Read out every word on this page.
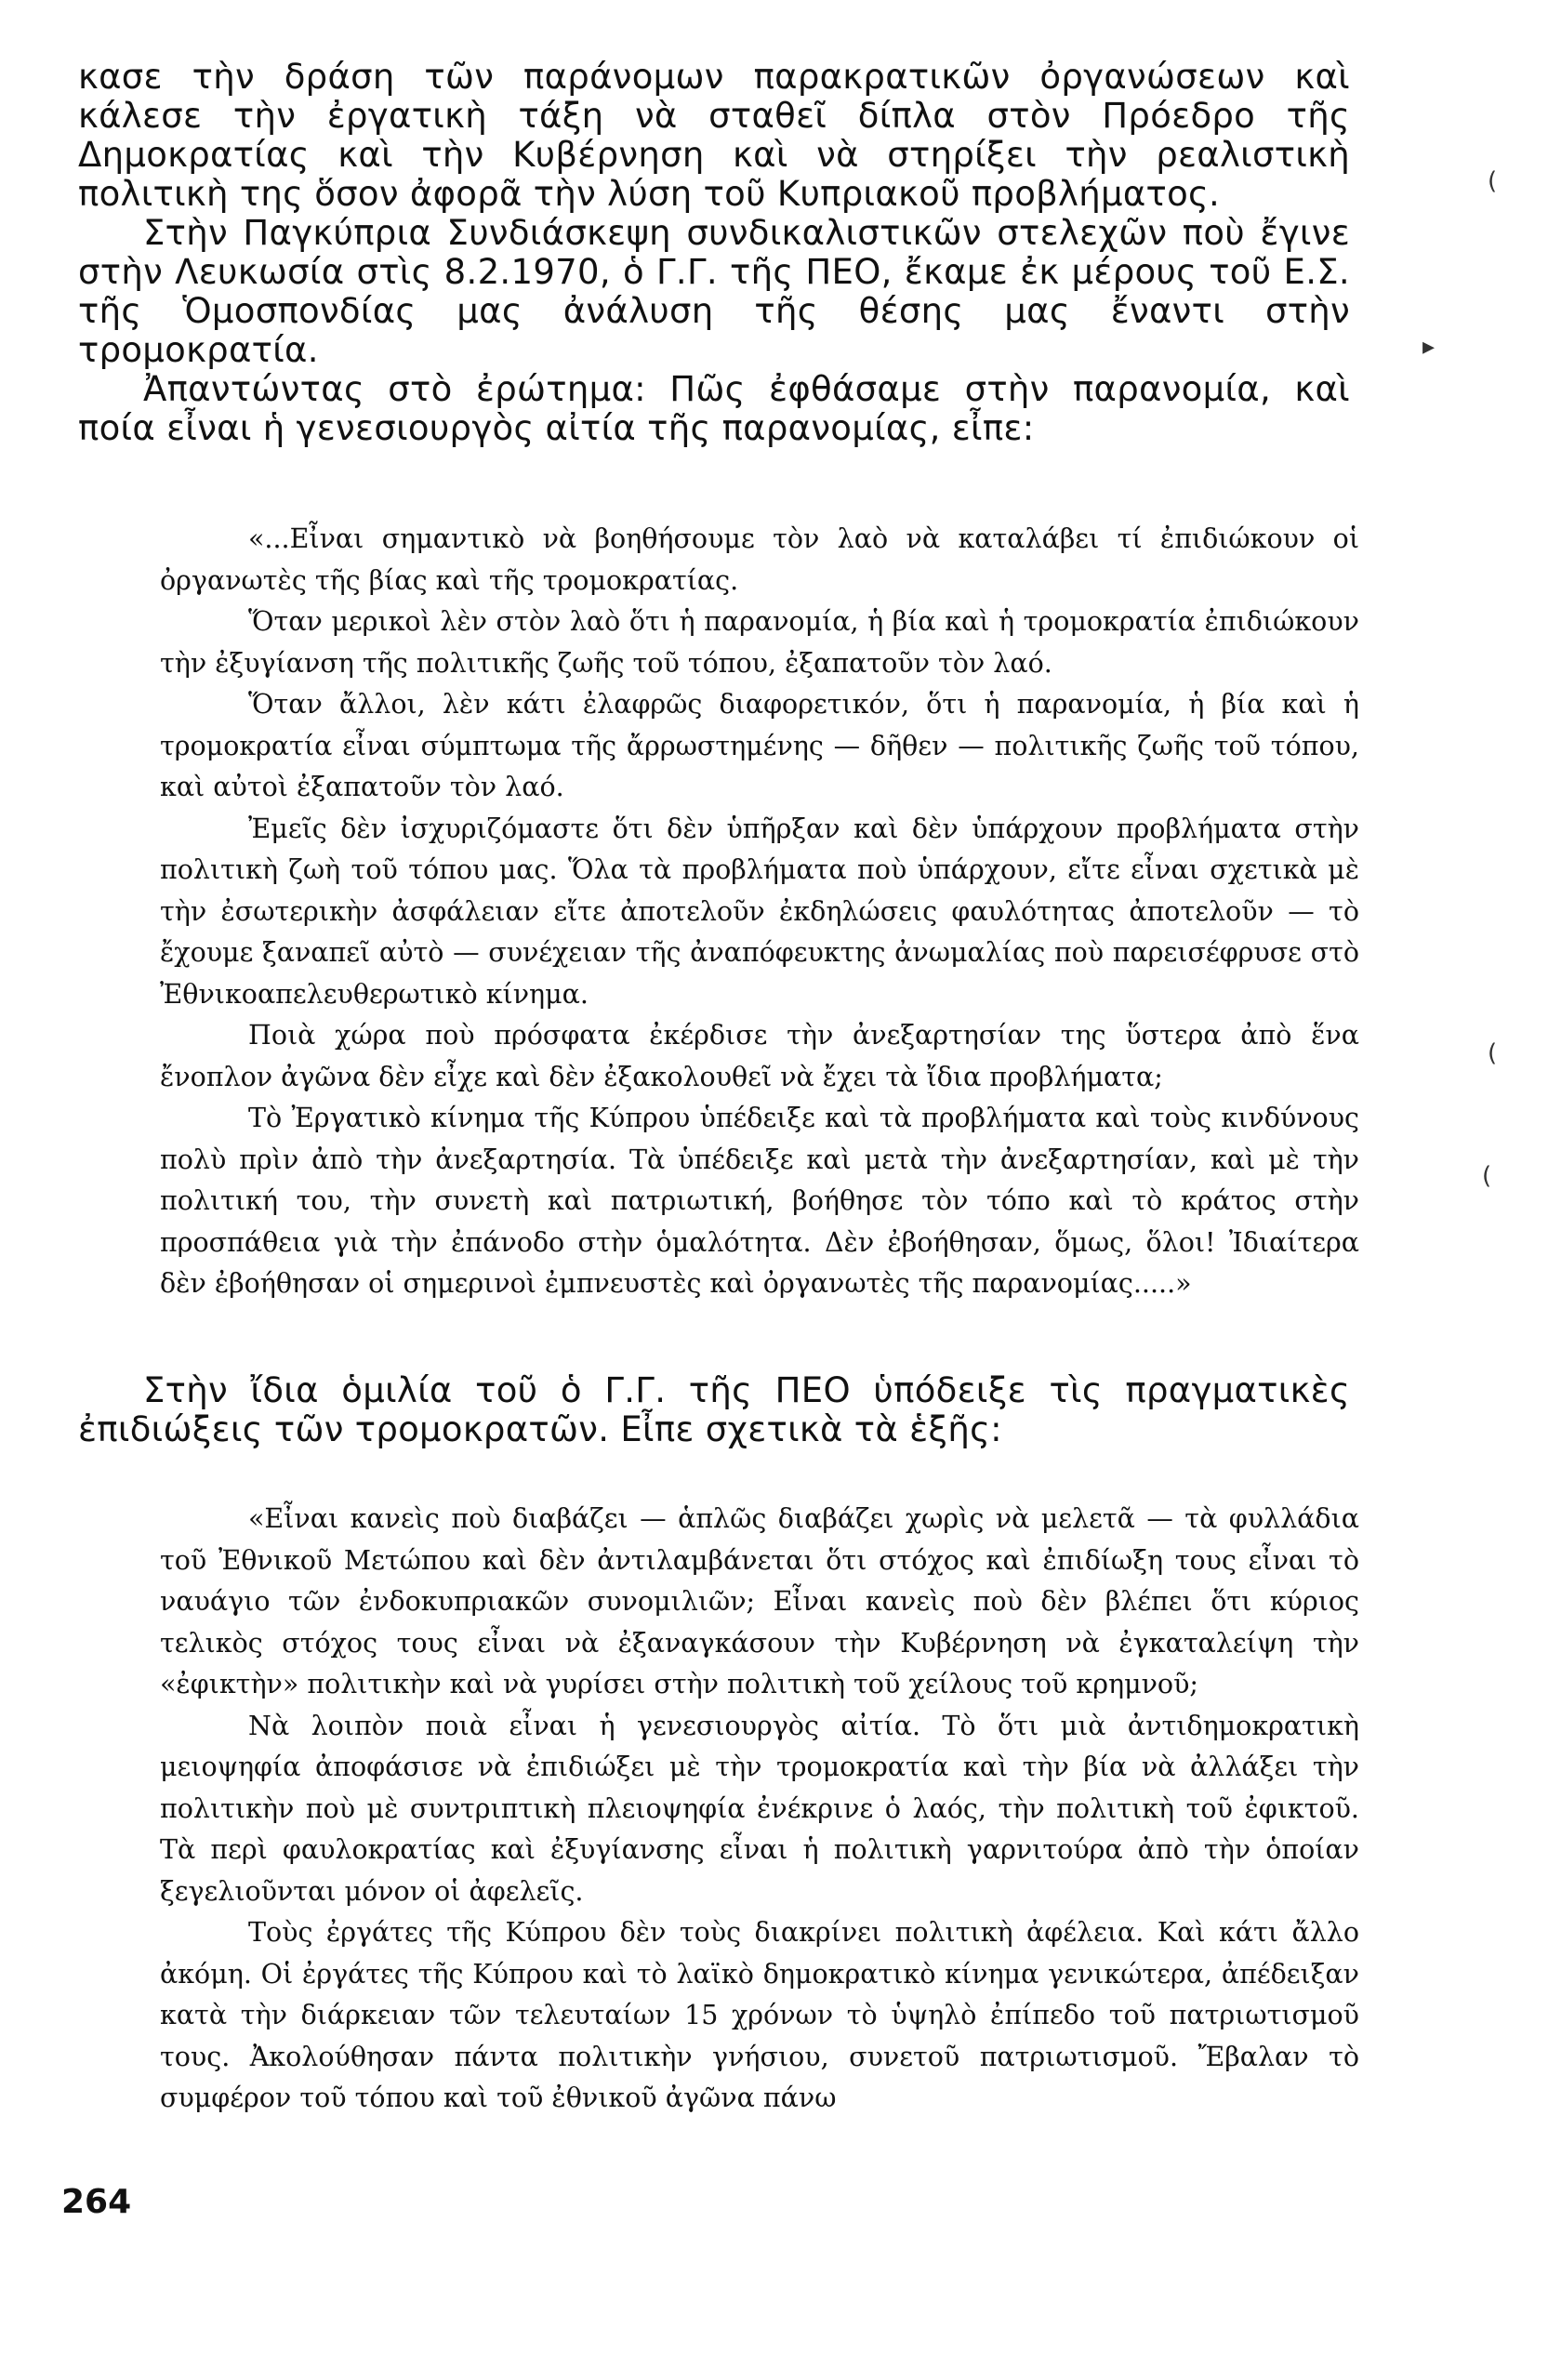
κασε τὴν δράση τῶν παράνομων παρακρατικῶν ὀργανώσεων καὶ κάλεσε τὴν ἐργατικὴ τάξη νὰ σταθεῖ δίπλα στὸν Πρόεδρο τῆς Δημοκρατίας καὶ τὴν Κυβέρνηση καὶ νὰ στηρίξει τὴν ρεαλιστικὴ πολιτικὴ της ὅσον ἀφορᾶ τὴν λύση τοῦ Κυπριακοῦ προβλήματος.

Στὴν Παγκύπρια Συνδιάσκεψη συνδικαλιστικῶν στελεχῶν ποὺ ἔγινε στὴν Λευκωσία στὶς 8.2.1970, ὁ Γ.Γ. τῆς ΠΕΟ, ἔκαμε ἐκ μέρους τοῦ Ε.Σ. τῆς Ὁμοσπονδίας μας ἀνάλυση τῆς θέσης μας ἔναντι στὴν τρομοκρατία.

Ἀπαντώντας στὸ ἐρώτημα: Πῶς ἐφθάσαμε στὴν παρανομία, καὶ ποία εἶναι ἡ γενεσιουργὸς αἰτία τῆς παρανομίας, εἶπε:

«...Εἶναι σημαντικὸ νὰ βοηθήσουμε τὸν λαὸ νὰ καταλάβει τί ἐπιδιώκουν οἱ ὀργανωτὲς τῆς βίας καὶ τῆς τρομοκρατίας.

Ὅταν μερικοὶ λὲν στὸν λαὸ ὅτι ἡ παρανομία, ἡ βία καὶ ἡ τρομοκρατία ἐπιδιώκουν τὴν ἐξυγίανση τῆς πολιτικῆς ζωῆς τοῦ τόπου, ἐξαπατοῦν τὸν λαό.

Ὅταν ἄλλοι, λὲν κάτι ἐλαφρῶς διαφορετικόν, ὅτι ἡ παρανομία, ἡ βία καὶ ἡ τρομοκρατία εἶναι σύμπτωμα τῆς ἄρρωστημένης — δῆθεν — πολιτικῆς ζωῆς τοῦ τόπου, καὶ αὐτοὶ ἐξαπατοῦν τὸν λαό.

Ἐμεῖς δὲν ἰσχυριζόμαστε ὅτι δὲν ὑπῆρξαν καὶ δὲν ὑπάρχουν προβλήματα στὴν πολιτικὴ ζωὴ τοῦ τόπου μας. Ὅλα τὰ προβλήματα ποὺ ὑπάρχουν, εἴτε εἶναι σχετικὰ μὲ τὴν ἐσωτερικὴν ἀσφάλειαν εἴτε ἀποτελοῦν ἐκδηλώσεις φαυλότητας ἀποτελοῦν — τὸ ἔχουμε ξαναπεῖ αὐτὸ — συνέχειαν τῆς ἀναπόφευκτης ἀνωμαλίας ποὺ παρεισέφρυσε στὸ Ἐθνικοαπελευθερωτικὸ κίνημα.

Ποιὰ χώρα ποὺ πρόσφατα ἐκέρδισε τὴν ἀνεξαρτησίαν της ὕστερα ἀπὸ ἕνα ἔνοπλον ἀγῶνα δὲν εἶχε καὶ δὲν ἐξακολουθεῖ νὰ ἔχει τὰ ἴδια προβλήματα;

Τὸ Ἐργατικὸ κίνημα τῆς Κύπρου ὑπέδειξε καὶ τὰ προβλήματα καὶ τοὺς κινδύνους πολὺ πρὶν ἀπὸ τὴν ἀνεξαρτησία. Τὰ ὑπέδειξε καὶ μετὰ τὴν ἀνεξαρτησίαν, καὶ μὲ τὴν πολιτική του, τὴν συνετὴ καὶ πατριωτική, βοήθησε τὸν τόπο καὶ τὸ κράτος στὴν προσπάθεια γιὰ τὴν ἐπάνοδο στὴν ὁμαλότητα. Δὲν ἐβοήθησαν, ὅμως, ὅλοι! Ἰδιαίτερα δὲν ἐβοήθησαν οἱ σημερινοὶ ἐμπνευστὲς καὶ ὀργανωτὲς τῆς παρανομίας.....»

Στὴν ἴδια ὁμιλία τοῦ ὁ Γ.Γ. τῆς ΠΕΟ ὑπόδειξε τὶς πραγματικὲς ἐπιδιώξεις τῶν τρομοκρατῶν. Εἶπε σχετικὰ τὰ ἑξῆς:

«Εἶναι κανεὶς ποὺ διαβάζει — ἁπλῶς διαβάζει χωρὶς νὰ μελετᾶ — τὰ φυλλάδια τοῦ Ἐθνικοῦ Μετώπου καὶ δὲν ἀντιλαμβάνεται ὅτι στόχος καὶ ἐπιδίωξη τους εἶναι τὸ ναυάγιο τῶν ἐνδοκυπριακῶν συνομιλιῶν; Εἶναι κανεὶς ποὺ δὲν βλέπει ὅτι κύριος τελικὸς στόχος τους εἶναι νὰ ἐξαναγκάσουν τὴν Κυβέρνηση νὰ ἐγκαταλείψη τὴν «ἐφικτὴν» πολιτικὴν καὶ νὰ γυρίσει στὴν πολιτικὴ τοῦ χείλους τοῦ κρημνοῦ;

Νὰ λοιπὸν ποιὰ εἶναι ἡ γενεσιουργὸς αἰτία. Τὸ ὅτι μιὰ ἀντιδημοκρατικὴ μειοψηφία ἀποφάσισε νὰ ἐπιδιώξει μὲ τὴν τρομοκρατία καὶ τὴν βία νὰ ἀλλάξει τὴν πολιτικὴν ποὺ μὲ συντριπτικὴ πλειοψηφία ἐνέκρινε ὁ λαός, τὴν πολιτικὴ τοῦ ἐφικτοῦ. Τὰ περὶ φαυλοκρατίας καὶ ἐξυγίανσης εἶναι ἡ πολιτικὴ γαρνιτούρα ἀπὸ τὴν ὁποίαν ξεγελιοῦνται μόνον οἱ ἀφελεῖς.

Τοὺς ἐργάτες τῆς Κύπρου δὲν τοὺς διακρίνει πολιτικὴ ἀφέλεια. Καὶ κάτι ἄλλο ἀκόμη. Οἱ ἐργάτες τῆς Κύπρου καὶ τὸ λαϊκὸ δημοκρατικὸ κίνημα γενικώτερα, ἀπέδειξαν κατὰ τὴν διάρκειαν τῶν τελευταίων 15 χρόνων τὸ ὑψηλὸ ἐπίπεδο τοῦ πατριωτισμοῦ τους. Ἀκολούθησαν πάντα πολιτικὴν γνήσιου, συνετοῦ πατριωτισμοῦ. Ἔβαλαν τὸ συμφέρον τοῦ τόπου καὶ τοῦ ἐθνικοῦ ἀγῶνα πάνω

264
(
(
(
▸
